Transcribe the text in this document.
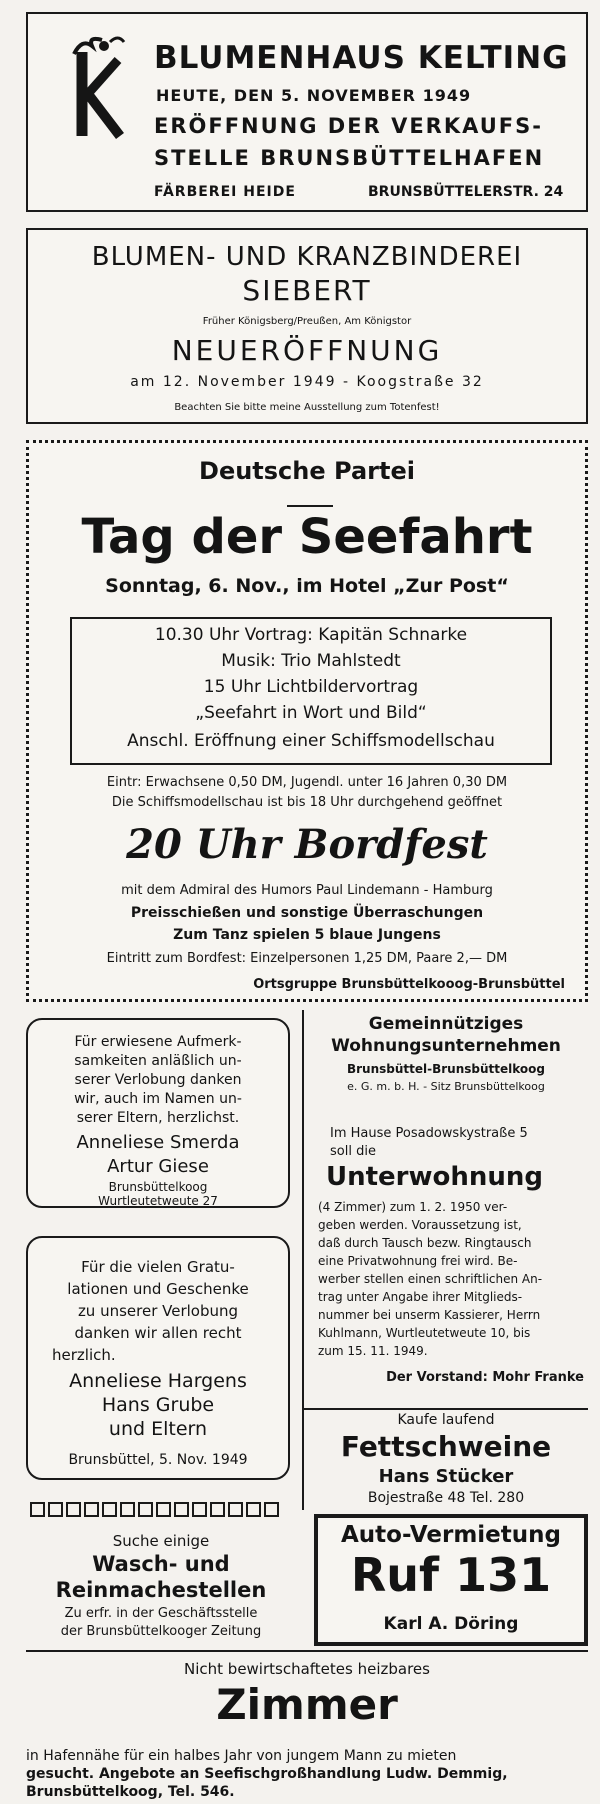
BLUMENHAUS KELTING
HEUTE, DEN 5. NOVEMBER 1949
ERÖFFNUNG DER VERKAUFS-
STELLE BRUNSBÜTTELHAFEN
FÄRBEREI HEIDE	BRUNSBÜTTELERSTR. 24
BLUMEN- UND KRANZBINDEREI
SIEBERT
Früher Königsberg/Preußen, Am Königstor
NEUERÖFFNUNG
am 12. November 1949 - Koogstraße 32
Beachten Sie bitte meine Ausstellung zum Totenfest!
Deutsche Partei
Tag der Seefahrt
Sonntag, 6. Nov., im Hotel „Zur Post“
10.30 Uhr Vortrag: Kapitän Schnarke
Musik: Trio Mahlstedt
15 Uhr Lichtbildervortrag
„Seefahrt in Wort und Bild“
Anschl. Eröffnung einer Schiffsmodellschau
Eintr: Erwachsene 0,50 DM, Jugendl. unter 16 Jahren 0,30 DM
Die Schiffsmodellschau ist bis 18 Uhr durchgehend geöffnet
20 Uhr Bordfest
mit dem Admiral des Humors Paul Lindemann - Hamburg
Preisschießen und sonstige Überraschungen
Zum Tanz spielen 5 blaue Jungens
Eintritt zum Bordfest: Einzelpersonen 1,25 DM, Paare 2,— DM
Ortsgruppe Brunsbüttelkooog-Brunsbüttel
Für erwiesene Aufmerk-
samkeiten anläßlich un-
serer Verlobung danken
wir, auch im Namen un-
serer Eltern, herzlichst.
Anneliese Smerda
Artur Giese
Brunsbüttelkoog
Wurtleutetweute 27
Für die vielen Gratu-
lationen und Geschenke
zu unserer Verlobung
danken wir allen recht
herzlich.
Anneliese Hargens
Hans Grube
und Eltern
Brunsbüttel, 5. Nov. 1949
Gemeinnütziges
Wohnungsunternehmen
Brunsbüttel-Brunsbüttelkoog
e. G. m. b. H. - Sitz Brunsbüttelkoog
Im Hause Posadowskystraße 5
soll die
Unterwohnung
(4 Zimmer) zum 1. 2. 1950 ver-
geben werden. Voraussetzung ist,
daß durch Tausch bezw. Ringtausch
eine Privatwohnung frei wird. Be-
werber stellen einen schriftlichen An-
trag unter Angabe ihrer Mitglieds-
nummer bei unserm Kassierer, Herrn
Kuhlmann, Wurtleutetweute 10, bis
zum 15. 11. 1949.
Der Vorstand: Mohr Franke
Kaufe laufend
Fettschweine
Hans Stücker
Bojestraße 48 Tel. 280
Auto-Vermietung
Ruf 131
Karl A. Döring
Suche einige
Wasch- und
Reinmachestellen
Zu erfr. in der Geschäftsstelle
der Brunsbüttelkooger Zeitung
Nicht bewirtschaftetes heizbares
Zimmer
in Hafennähe für ein halbes Jahr von jungem Mann zu mieten
gesucht. Angebote an Seefischgroßhandlung Ludw. Demmig,
Brunsbüttelkoog, Tel. 546.
